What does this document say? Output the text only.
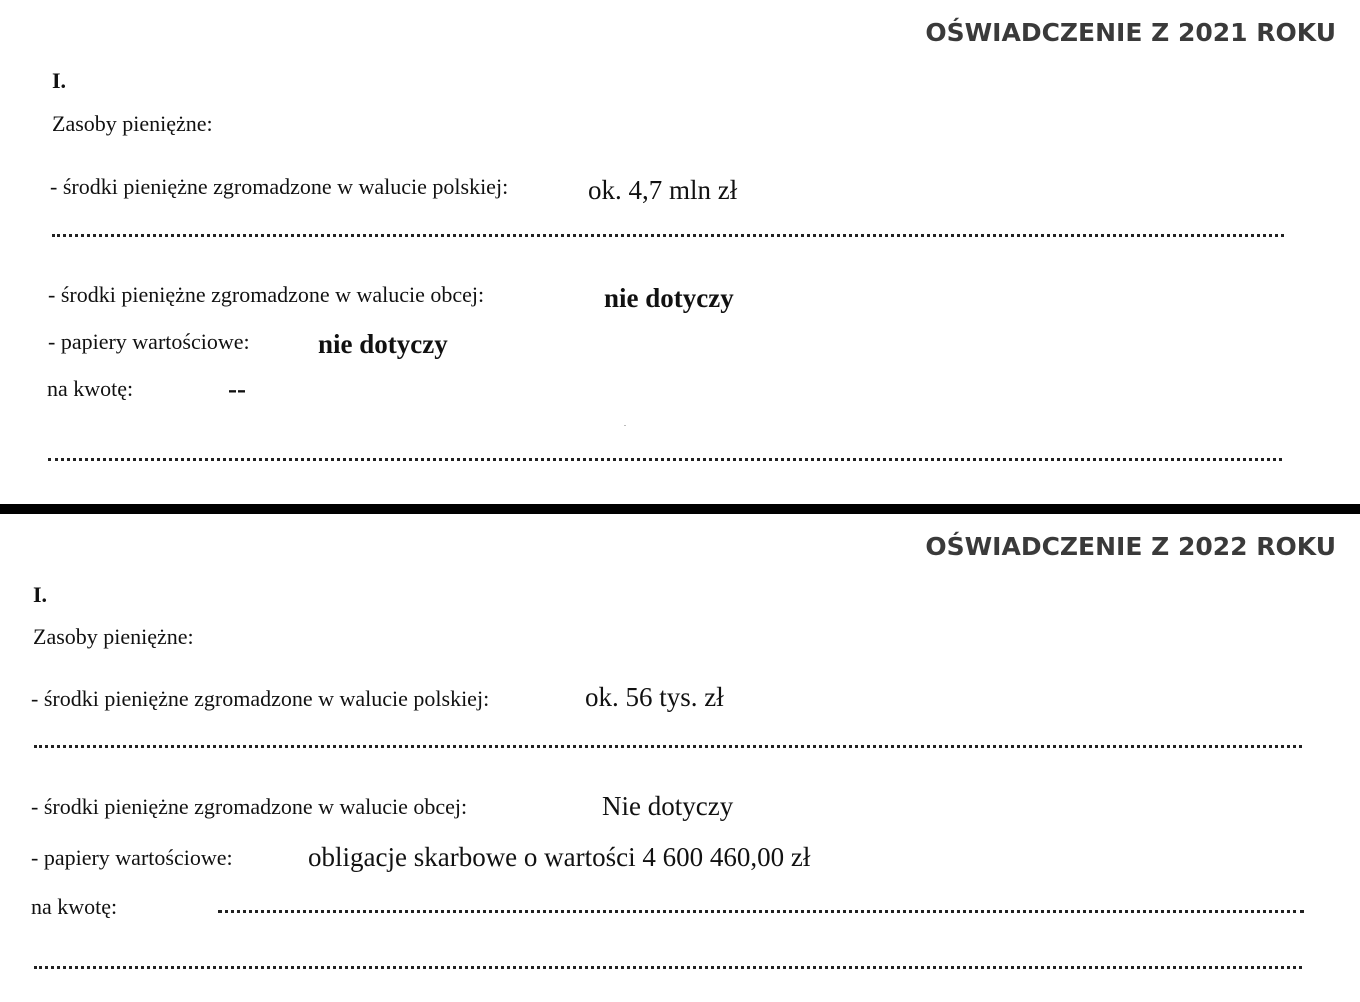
OŚWIADCZENIE Z 2021 ROKU
I.
Zasoby pieniężne:
- środki pieniężne zgromadzone w walucie polskiej:	ok. 4,7 mln zł
- środki pieniężne zgromadzone w walucie obcej:	nie dotyczy
- papiery wartościowe:	nie dotyczy
na kwotę:	--
OŚWIADCZENIE Z 2022 ROKU
I.
Zasoby pieniężne:
- środki pieniężne zgromadzone w walucie polskiej:	ok. 56 tys. zł
- środki pieniężne zgromadzone w walucie obcej:	Nie dotyczy
- papiery wartościowe:	obligacje skarbowe o wartości 4 600 460,00 zł
na kwotę:
